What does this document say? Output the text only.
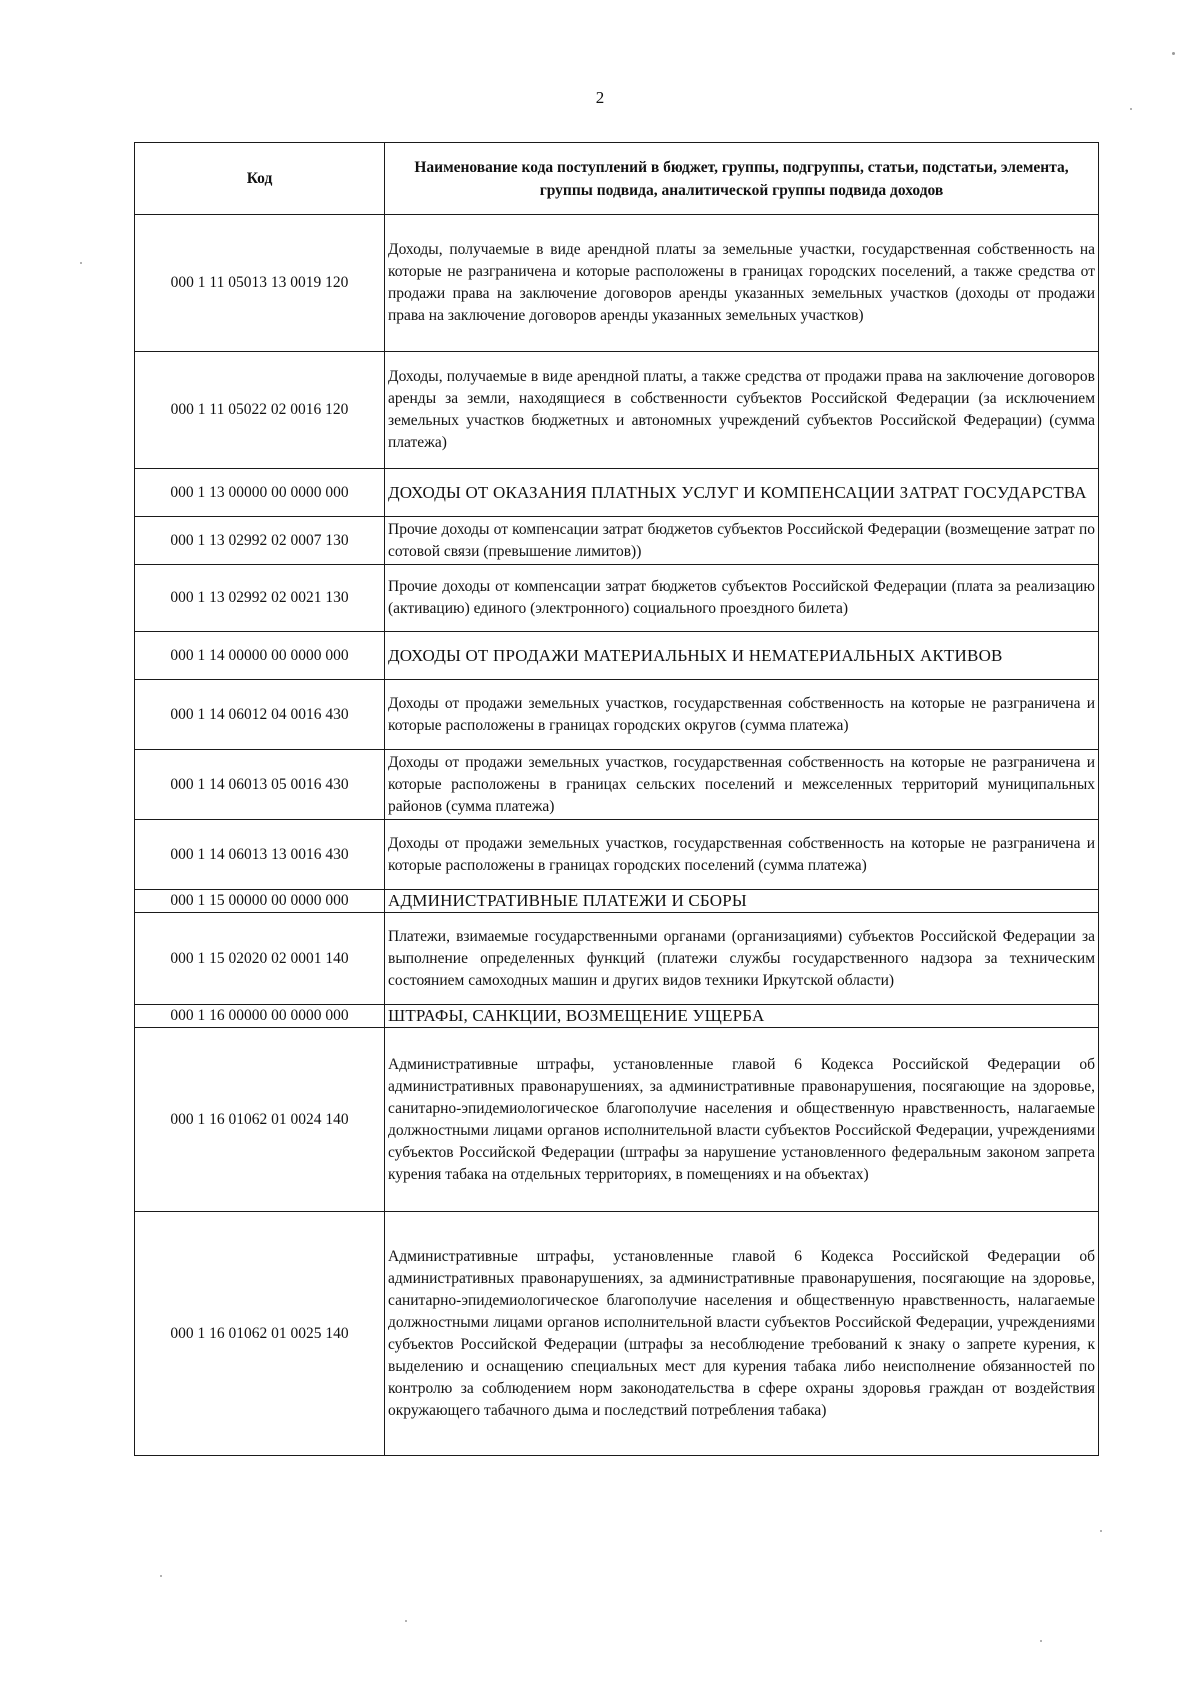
2
Код	Наименование кода поступлений в бюджет, группы, подгруппы, статьи, подстатьи, элемента, группы подвида, аналитической группы подвида доходов
000 1 11 05013 13 0019 120	Доходы, получаемые в виде арендной платы за земельные участки, государственная собственность на которые не разграничена и которые расположены в границах городских поселений, а также средства от продажи права на заключение договоров аренды указанных земельных участков (доходы от продажи права на заключение договоров аренды указанных земельных участков)
000 1 11 05022 02 0016 120	Доходы, получаемые в виде арендной платы, а также средства от продажи права на заключение договоров аренды за земли, находящиеся в собственности субъектов Российской Федерации (за исключением земельных участков бюджетных и автономных учреждений субъектов Российской Федерации) (сумма платежа)
000 1 13 00000 00 0000 000	ДОХОДЫ ОТ ОКАЗАНИЯ ПЛАТНЫХ УСЛУГ И КОМПЕНСАЦИИ ЗАТРАТ ГОСУДАРСТВА
000 1 13 02992 02 0007 130	Прочие доходы от компенсации затрат бюджетов субъектов Российской Федерации (возмещение затрат по сотовой связи (превышение лимитов))
000 1 13 02992 02 0021 130	Прочие доходы от компенсации затрат бюджетов субъектов Российской Федерации (плата за реализацию (активацию) единого (электронного) социального проездного билета)
000 1 14 00000 00 0000 000	ДОХОДЫ ОТ ПРОДАЖИ МАТЕРИАЛЬНЫХ И НЕМАТЕРИАЛЬНЫХ АКТИВОВ
000 1 14 06012 04 0016 430	Доходы от продажи земельных участков, государственная собственность на которые не разграничена и которые расположены в границах городских округов (сумма платежа)
000 1 14 06013 05 0016 430	Доходы от продажи земельных участков, государственная собственность на которые не разграничена и которые расположены в границах сельских поселений и межселенных территорий муниципальных районов (сумма платежа)
000 1 14 06013 13 0016 430	Доходы от продажи земельных участков, государственная собственность на которые не разграничена и которые расположены в границах городских поселений (сумма платежа)
000 1 15 00000 00 0000 000	АДМИНИСТРАТИВНЫЕ ПЛАТЕЖИ И СБОРЫ
000 1 15 02020 02 0001 140	Платежи, взимаемые государственными органами (организациями) субъектов Российской Федерации за выполнение определенных функций (платежи службы государственного надзора за техническим состоянием самоходных машин и других видов техники Иркутской области)
000 1 16 00000 00 0000 000	ШТРАФЫ, САНКЦИИ, ВОЗМЕЩЕНИЕ УЩЕРБА
000 1 16 01062 01 0024 140	Административные штрафы, установленные главой 6 Кодекса Российской Федерации об административных правонарушениях, за административные правонарушения, посягающие на здоровье, санитарно-эпидемиологическое благополучие населения и общественную нравственность, налагаемые должностными лицами органов исполнительной власти субъектов Российской Федерации, учреждениями субъектов Российской Федерации (штрафы за нарушение установленного федеральным законом запрета курения табака на отдельных территориях, в помещениях и на объектах)
000 1 16 01062 01 0025 140	Административные штрафы, установленные главой 6 Кодекса Российской Федерации об административных правонарушениях, за административные правонарушения, посягающие на здоровье, санитарно-эпидемиологическое благополучие населения и общественную нравственность, налагаемые должностными лицами органов исполнительной власти субъектов Российской Федерации, учреждениями субъектов Российской Федерации (штрафы за несоблюдение требований к знаку о запрете курения, к выделению и оснащению специальных мест для курения табака либо неисполнение обязанностей по контролю за соблюдением норм законодательства в сфере охраны здоровья граждан от воздействия окружающего табачного дыма и последствий потребления табака)
